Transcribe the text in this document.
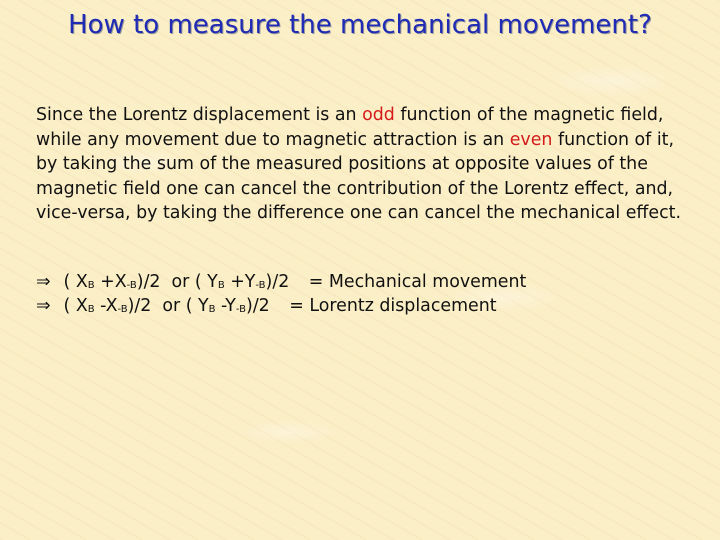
How to measure the mechanical movement?

Since the Lorentz displacement is an odd function of the magnetic field, while any movement due to magnetic attraction is an even function of it, by taking the sum of the measured positions at opposite values of the magnetic field one can cancel the contribution of the Lorentz effect, and, vice-versa, by taking the difference one can cancel the mechanical effect.

⇒ ( $X_B +X_{-B})/2$  or ( $Y_B +Y_{-B})/2$ = Mechanical movement
⇒ ( $X_B$ $-X_{-B})/2$  or ( $Y_B$ $-Y_{-B})/2$ = Lorentz displacement
